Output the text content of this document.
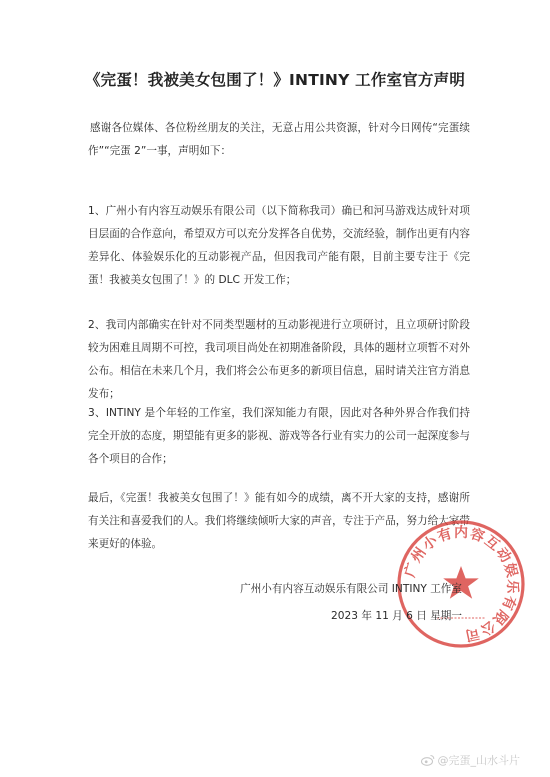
《完蛋！我被美女包围了！》INTINY 工作室官方声明

感谢各位媒体、各位粉丝朋友的关注，无意占用公共资源，针对今日网传“完蛋续作”“完蛋 2”一事，声明如下：

1、广州小有内容互动娱乐有限公司（以下简称我司）确已和河马游戏达成针对项目层面的合作意向，希望双方可以充分发挥各自优势，交流经验，制作出更有内容差异化、体验娱乐化的互动影视产品，但因我司产能有限，目前主要专注于《完蛋！我被美女包围了！》的 DLC 开发工作；

2、我司内部确实在针对不同类型题材的互动影视进行立项研讨，且立项研讨阶段较为困难且周期不可控，我司项目尚处在初期准备阶段，具体的题材立项暂不对外公布。相信在未来几个月，我们将会公布更多的新项目信息，届时请关注官方消息发布；

3、INTINY 是个年轻的工作室，我们深知能力有限，因此对各种外界合作我们持完全开放的态度，期望能有更多的影视、游戏等各行业有实力的公司一起深度参与各个项目的合作；

最后，《完蛋！我被美女包围了！》能有如今的成绩，离不开大家的支持，感谢所有关注和喜爱我们的人。我们将继续倾听大家的声音，专注于产品，努力给大家带来更好的体验。

广州小有内容互动娱乐有限公司
广州小有内容互动娱乐有限公司 INTINY 工作室
2023 年 11 月 6 日 星期一
@完蛋_山水斗片
